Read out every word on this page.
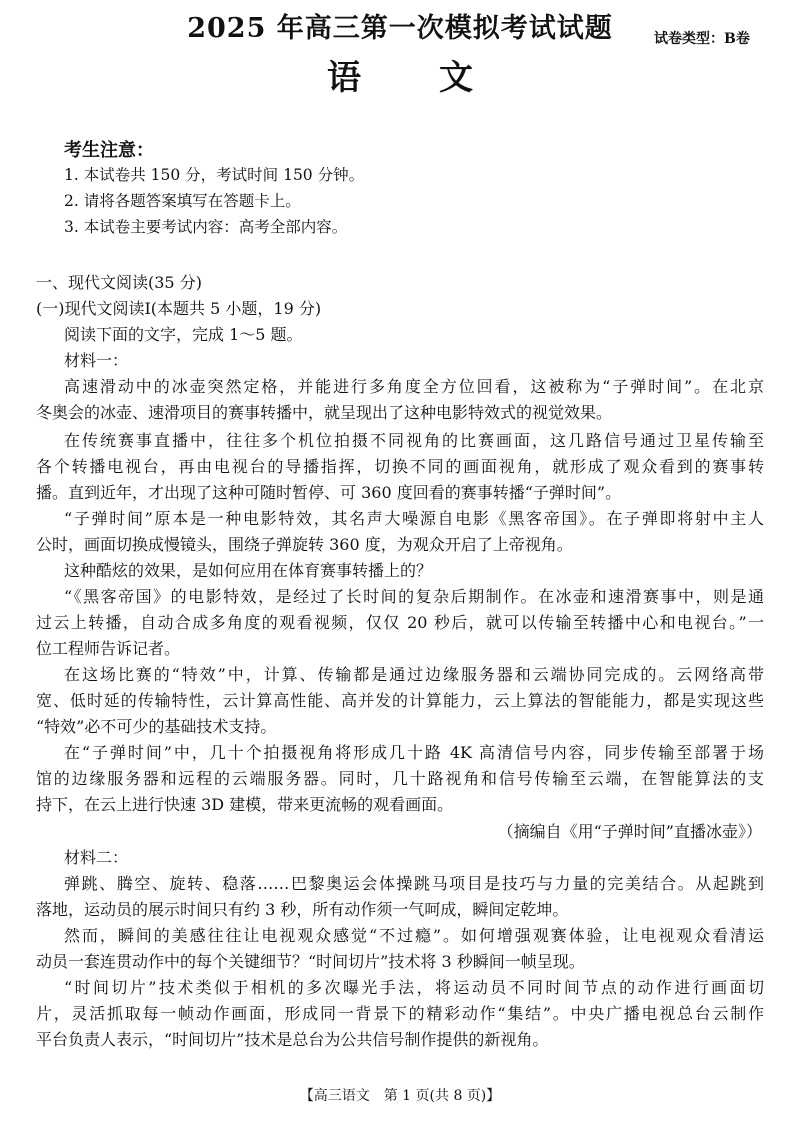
2025 年高三第一次模拟考试试题	试卷类型：B卷
语文
考生注意：
1. 本试卷共 150 分，考试时间 150 分钟。
2. 请将各题答案填写在答题卡上。
3. 本试卷主要考试内容：高考全部内容。
一、现代文阅读(35 分)
(一)现代文阅读Ⅰ(本题共 5 小题，19 分)
阅读下面的文字，完成 1～5 题。
材料一：
高速滑动中的冰壶突然定格，并能进行多角度全方位回看，这被称为“子弹时间”。在北京
冬奥会的冰壶、速滑项目的赛事转播中，就呈现出了这种电影特效式的视觉效果。
在传统赛事直播中，往往多个机位拍摄不同视角的比赛画面，这几路信号通过卫星传输至
各个转播电视台，再由电视台的导播指挥，切换不同的画面视角，就形成了观众看到的赛事转
播。直到近年，才出现了这种可随时暂停、可 360 度回看的赛事转播“子弹时间”。
“子弹时间”原本是一种电影特效，其名声大噪源自电影《黑客帝国》。在子弹即将射中主人
公时，画面切换成慢镜头，围绕子弹旋转 360 度，为观众开启了上帝视角。
这种酷炫的效果，是如何应用在体育赛事转播上的？
“《黑客帝国》的电影特效，是经过了长时间的复杂后期制作。在冰壶和速滑赛事中，则是通
过云上转播，自动合成多角度的观看视频，仅仅 20 秒后，就可以传输至转播中心和电视台。”一
位工程师告诉记者。
在这场比赛的“特效”中，计算、传输都是通过边缘服务器和云端协同完成的。云网络高带
宽、低时延的传输特性，云计算高性能、高并发的计算能力，云上算法的智能能力，都是实现这些
“特效”必不可少的基础技术支持。
在“子弹时间”中，几十个拍摄视角将形成几十路 4K 高清信号内容，同步传输至部署于场
馆的边缘服务器和远程的云端服务器。同时，几十路视角和信号传输至云端，在智能算法的支
持下，在云上进行快速 3D 建模，带来更流畅的观看画面。
（摘编自《用“子弹时间”直播冰壶》）
材料二：
弹跳、腾空、旋转、稳落……巴黎奥运会体操跳马项目是技巧与力量的完美结合。从起跳到
落地，运动员的展示时间只有约 3 秒，所有动作须一气呵成，瞬间定乾坤。
然而，瞬间的美感往往让电视观众感觉“不过瘾”。如何增强观赛体验，让电视观众看清运
动员一套连贯动作中的每个关键细节？“时间切片”技术将 3 秒瞬间一帧呈现。
“时间切片”技术类似于相机的多次曝光手法，将运动员不同时间节点的动作进行画面切
片，灵活抓取每一帧动作画面，形成同一背景下的精彩动作“集结”。中央广播电视总台云制作
平台负责人表示，“时间切片”技术是总台为公共信号制作提供的新视角。
【高三语文　第 1 页(共 8 页)】
